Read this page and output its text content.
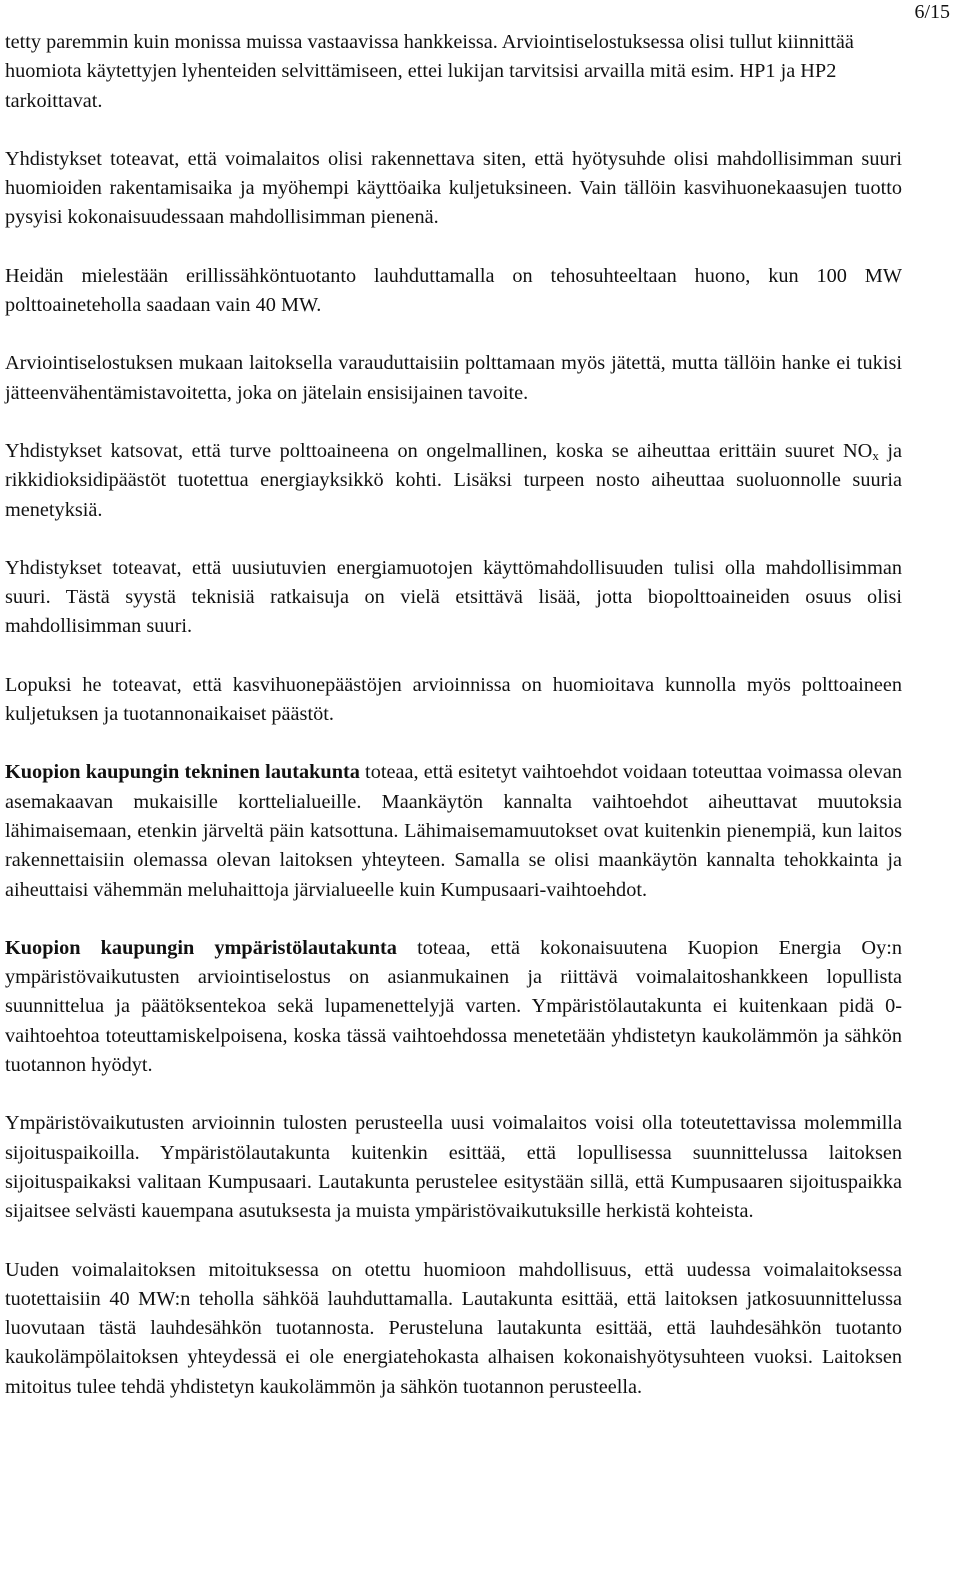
6/15

tetty paremmin kuin monissa muissa vastaavissa hankkeissa. Arviointiselostuksessa olisi tullut kiinnittää huomiota käytettyjen lyhenteiden selvittämiseen, ettei lukijan tarvitsisi arvailla mitä esim. HP1 ja HP2 tarkoittavat.

Yhdistykset toteavat, että voimalaitos olisi rakennettava siten, että hyötysuhde olisi mahdollisimman suuri huomioiden rakentamisaika ja myöhempi käyttöaika kuljetuksineen. Vain tällöin kasvihuonekaasujen tuotto pysyisi kokonaisuudessaan mahdollisimman pienenä.

Heidän mielestään erillissähköntuotanto lauhduttamalla on tehosuhteeltaan huono, kun 100 MW polttoaineteholla saadaan vain 40 MW.

Arviointiselostuksen mukaan laitoksella varauduttaisiin polttamaan myös jätettä, mutta tällöin hanke ei tukisi jätteenvähentämistavoitetta, joka on jätelain ensisijainen tavoite.

Yhdistykset katsovat, että turve polttoaineena on ongelmallinen, koska se aiheuttaa erittäin suuret $NO_x$ ja rikkidioksidipäästöt tuotettua energiayksikkö kohti. Lisäksi turpeen nosto aiheuttaa suoluonnolle suuria menetyksiä.

Yhdistykset toteavat, että uusiutuvien energiamuotojen käyttömahdollisuuden tulisi olla mahdollisimman suuri. Tästä syystä teknisiä ratkaisuja on vielä etsittävä lisää, jotta biopolttoaineiden osuus olisi mahdollisimman suuri.

Lopuksi he toteavat, että kasvihuonepäästöjen arvioinnissa on huomioitava kunnolla myös polttoaineen kuljetuksen ja tuotannonaikaiset päästöt.

Kuopion kaupungin tekninen lautakunta toteaa, että esitetyt vaihtoehdot voidaan toteuttaa voimassa olevan asemakaavan mukaisille korttelialueille. Maankäytön kannalta vaihtoehdot aiheuttavat muutoksia lähimaisemaan, etenkin järveltä päin katsottuna. Lähimaisemamuutokset ovat kuitenkin pienempiä, kun laitos rakennettaisiin olemassa olevan laitoksen yhteyteen. Samalla se olisi maankäytön kannalta tehokkainta ja aiheuttaisi vähemmän meluhaittoja järvialueelle kuin Kumpusaari-vaihtoehdot.

Kuopion kaupungin ympäristölautakunta toteaa, että kokonaisuutena Kuopion Energia Oy:n ympäristövaikutusten arviointiselostus on asianmukainen ja riittävä voimalaitoshankkeen lopullista suunnittelua ja päätöksentekoa sekä lupamenettelyjä varten. Ympäristölautakunta ei kuitenkaan pidä 0-vaihtoehtoa toteuttamiskelpoisena, koska tässä vaihtoehdossa menetetään yhdistetyn kaukolämmön ja sähkön tuotannon hyödyt.

Ympäristövaikutusten arvioinnin tulosten perusteella uusi voimalaitos voisi olla toteutettavissa molemmilla sijoituspaikoilla. Ympäristölautakunta kuitenkin esittää, että lopullisessa suunnittelussa laitoksen sijoituspaikaksi valitaan Kumpusaari. Lautakunta perustelee esitystään sillä, että Kumpusaaren sijoituspaikka sijaitsee selvästi kauempana asutuksesta ja muista ympäristövaikutuksille herkistä kohteista.

Uuden voimalaitoksen mitoituksessa on otettu huomioon mahdollisuus, että uudessa voimalaitoksessa tuotettaisiin 40 MW:n teholla sähköä lauhduttamalla. Lautakunta esittää, että laitoksen jatkosuunnittelussa luovutaan tästä lauhdesähkön tuotannosta. Perusteluna lautakunta esittää, että lauhdesähkön tuotanto kaukolämpölaitoksen yhteydessä ei ole energiatehokasta alhaisen kokonaishyötysuhteen vuoksi. Laitoksen mitoitus tulee tehdä yhdistetyn kaukolämmön ja sähkön tuotannon perusteella.
